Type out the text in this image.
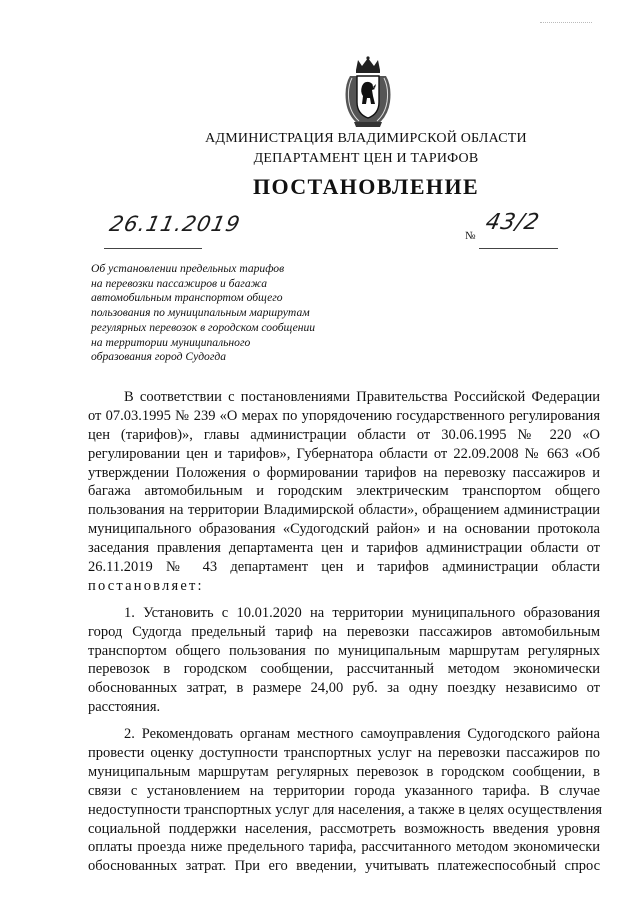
АДМИНИСТРАЦИЯ ВЛАДИМИРСКОЙ ОБЛАСТИ
ДЕПАРТАМЕНТ ЦЕН И ТАРИФОВ
ПОСТАНОВЛЕНИЕ
26.11.2019	№
43/2
Об установлении предельных тарифов
на перевозки пассажиров и багажа
автомобильным транспортом общего
пользования по муниципальным маршрутам
регулярных перевозок в городском сообщении
на территории муниципального
образования город Судогда
В соответствии с постановлениями Правительства Российской Федерации
от 07.03.1995 № 239 «О мерах по упорядочению государственного регулирования
цен (тарифов)», главы администрации области от 30.06.1995 № 220 «О
регулировании цен и тарифов», Губернатора области от 22.09.2008 № 663 «Об
утверждении Положения о формировании тарифов на перевозку пассажиров и
багажа автомобильным и городским электрическим транспортом общего
пользования на территории Владимирской области», обращением администрации
муниципального образования «Судогодский район» и на основании протокола
заседания правления департамента цен и тарифов администрации области от
26.11.2019 № 43 департамент цен и тарифов администрации области
постановляет:
1. Установить с 10.01.2020 на территории муниципального образования
город Судогда предельный тариф на перевозки пассажиров автомобильным
транспортом общего пользования по муниципальным маршрутам регулярных
перевозок в городском сообщении, рассчитанный методом экономически
обоснованных затрат, в размере 24,00 руб. за одну поездку независимо от
расстояния.
2. Рекомендовать органам местного самоуправления Судогодского района
провести оценку доступности транспортных услуг на перевозки пассажиров по
муниципальным маршрутам регулярных перевозок в городском сообщении, в
связи с установлением на территории города указанного тарифа. В случае
недоступности транспортных услуг для населения, а также в целях осуществления
социальной поддержки населения, рассмотреть возможность введения уровня
оплаты проезда ниже предельного тарифа, рассчитанного методом экономически
обоснованных затрат. При его введении, учитывать платежеспособный спрос
